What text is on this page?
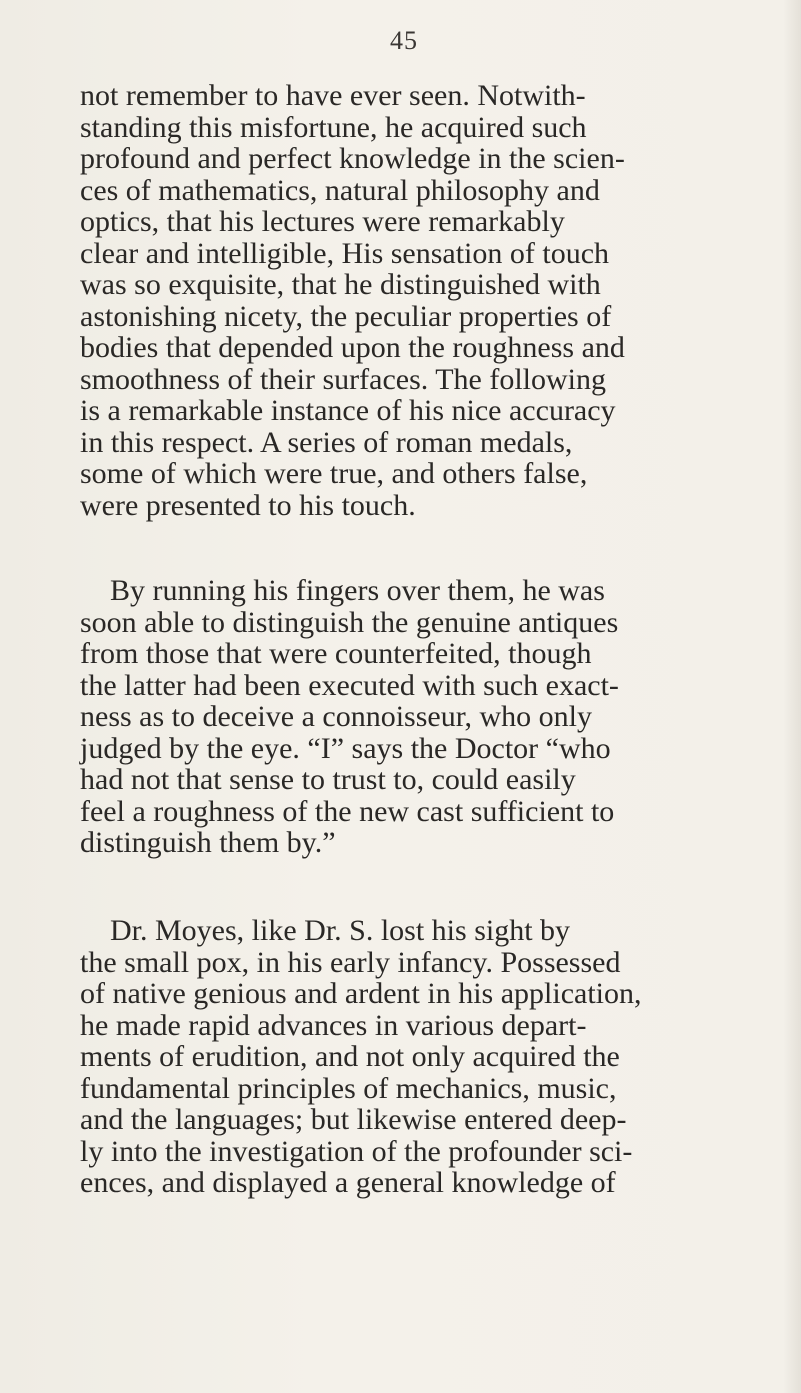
45
not remember to have ever seen. Notwith-
standing this misfortune, he acquired such
profound and perfect knowledge in the scien-
ces of mathematics, natural philosophy and
optics, that his lectures were remarkably
clear and intelligible, His sensation of touch
was so exquisite, that he distinguished with
astonishing nicety, the peculiar properties of
bodies that depended upon the roughness and
smoothness of their surfaces. The following
is a remarkable instance of his nice accuracy
in this respect. A series of roman medals,
some of which were true, and others false,
were presented to his touch.
By running his fingers over them, he was
soon able to distinguish the genuine antiques
from those that were counterfeited, though
the latter had been executed with such exact-
ness as to deceive a connoisseur, who only
judged by the eye. “I” says the Doctor “who
had not that sense to trust to, could easily
feel a roughness of the new cast sufficient to
distinguish them by.”
Dr. Moyes, like Dr. S. lost his sight by
the small pox, in his early infancy. Possessed
of native genious and ardent in his application,
he made rapid advances in various depart-
ments of erudition, and not only acquired the
fundamental principles of mechanics, music,
and the languages; but likewise entered deep-
ly into the investigation of the profounder sci-
ences, and displayed a general knowledge of
